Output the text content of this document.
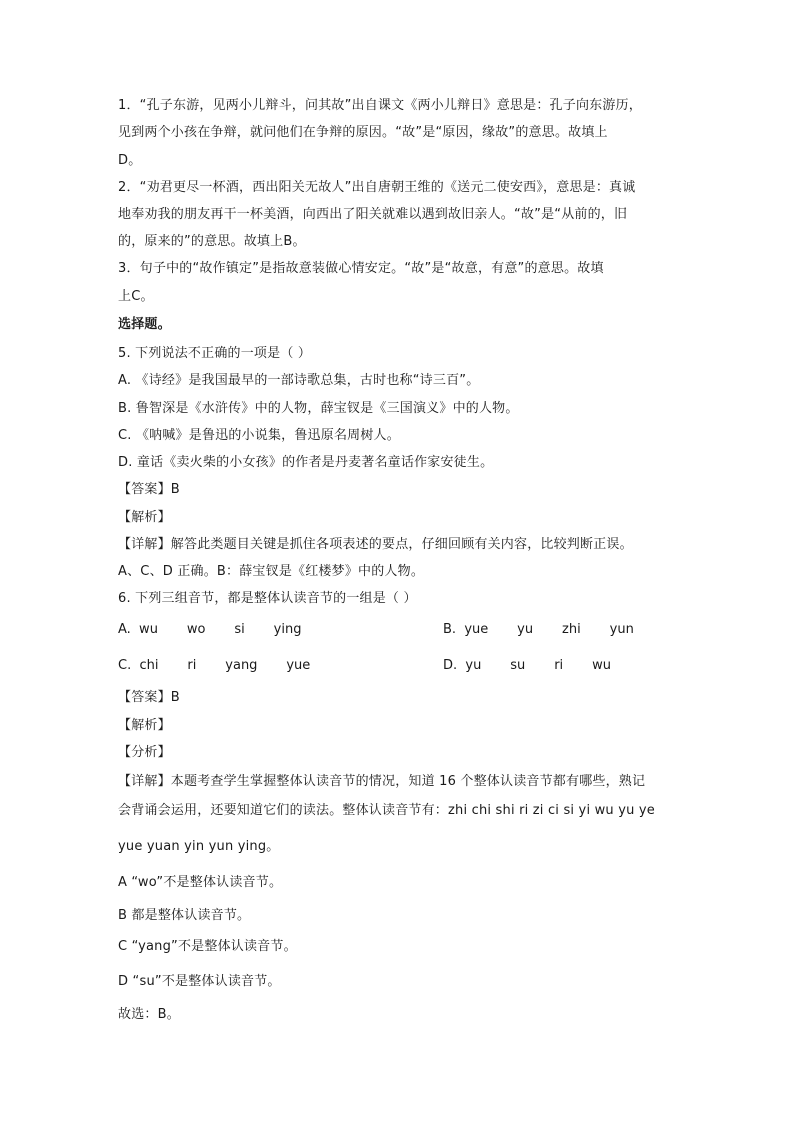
1．“孔子东游，见两小儿辩斗，问其故”出自课文《两小儿辩日》意思是：孔子向东游历，
见到两个小孩在争辩，就问他们在争辩的原因。“故”是“原因，缘故”的意思。故填上
D。
2．“劝君更尽一杯酒，西出阳关无故人”出自唐朝王维的《送元二使安西》，意思是：真诚
地奉劝我的朋友再干一杯美酒，向西出了阳关就难以遇到故旧亲人。“故”是“从前的，旧
的，原来的”的意思。故填上B。
3．句子中的“故作镇定”是指故意装做心情安定。“故”是“故意，有意”的意思。故填
上C。
选择题。
5. 下列说法不正确的一项是（ ）
A. 《诗经》是我国最早的一部诗歌总集，古时也称“诗三百”。
B. 鲁智深是《水浒传》中的人物，薛宝钗是《三国演义》中的人物。
C. 《呐喊》是鲁迅的小说集，鲁迅原名周树人。
D. 童话《卖火柴的小女孩》的作者是丹麦著名童话作家安徒生。
【答案】B
【解析】
【详解】解答此类题目关键是抓住各项表述的要点，仔细回顾有关内容，比较判断正误。
A、C、D 正确。B：薛宝钗是《红楼梦》中的人物。
6. 下列三组音节，都是整体认读音节的一组是（ ）
A.  wu       wo       si       ying	B.  yue       yu       zhi       yun
C.  chi       ri       yang       yue	D.  yu       su       ri       wu
【答案】B
【解析】
【分析】
【详解】本题考查学生掌握整体认读音节的情况，知道 16 个整体认读音节都有哪些，熟记
会背诵会运用，还要知道它们的读法。整体认读音节有：zhi chi shi ri zi ci si yi wu yu ye
yue yuan yin yun ying。
A “wo”不是整体认读音节。
B 都是整体认读音节。
C “yang”不是整体认读音节。
D “su”不是整体认读音节。
故选：B。
